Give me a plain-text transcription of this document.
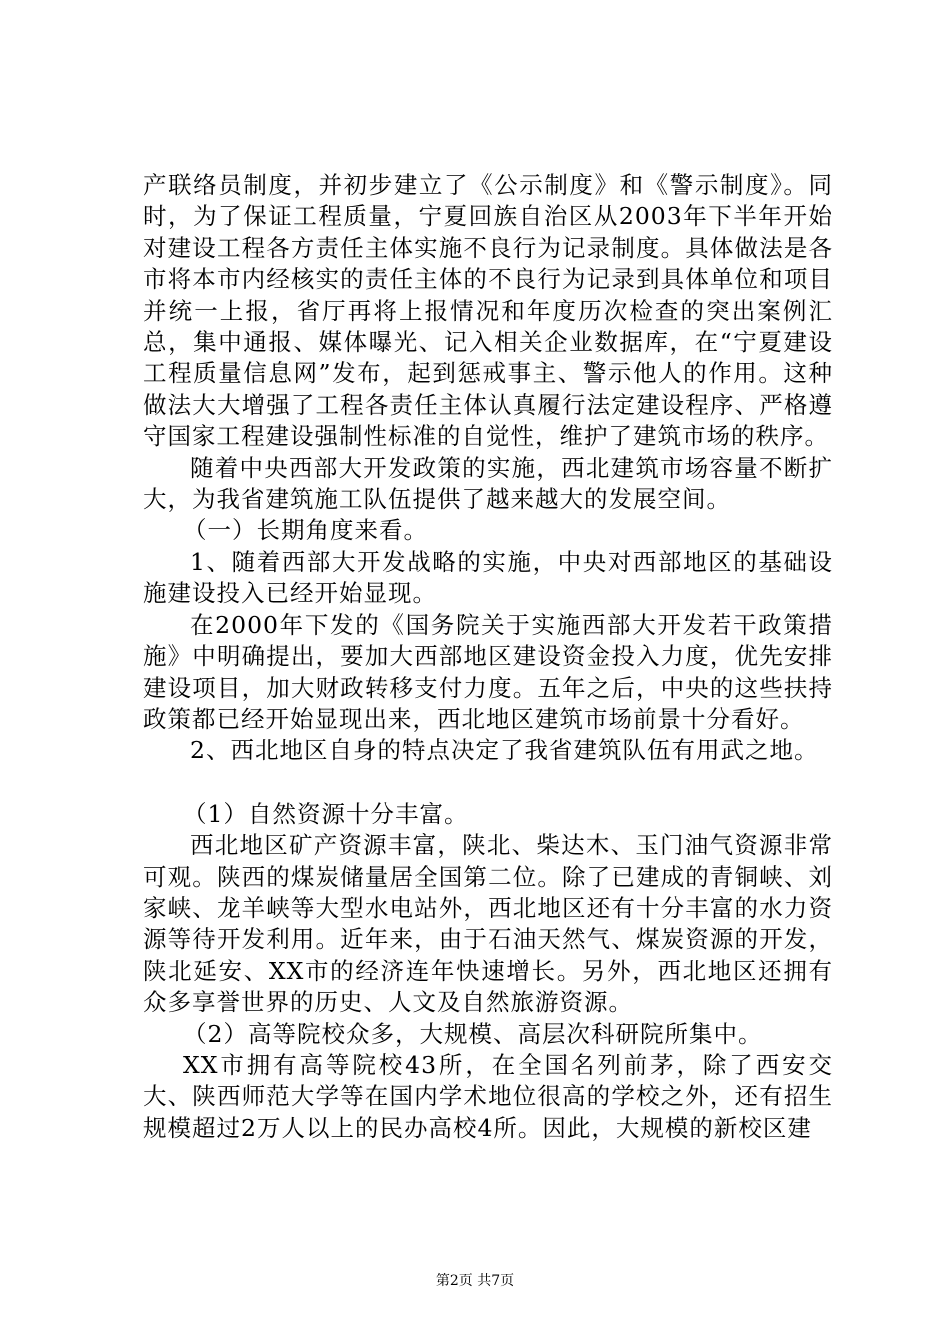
产联络员制度，并初步建立了《公示制度》和《警示制度》。同时，为了保证工程质量，宁夏回族自治区从2003年下半年开始对建设工程各方责任主体实施不良行为记录制度。具体做法是各市将本市内经核实的责任主体的不良行为记录到具体单位和项目并统一上报，省厅再将上报情况和年度历次检查的突出案例汇总，集中通报、媒体曝光、记入相关企业数据库，在“宁夏建设工程质量信息网”发布，起到惩戒事主、警示他人的作用。这种做法大大增强了工程各责任主体认真履行法定建设程序、严格遵守国家工程建设强制性标准的自觉性，维护了建筑市场的秩序。

随着中央西部大开发政策的实施，西北建筑市场容量不断扩大，为我省建筑施工队伍提供了越来越大的发展空间。

（一）长期角度来看。

1、随着西部大开发战略的实施，中央对西部地区的基础设施建设投入已经开始显现。

在2000年下发的《国务院关于实施西部大开发若干政策措施》中明确提出，要加大西部地区建设资金投入力度，优先安排建设项目，加大财政转移支付力度。五年之后，中央的这些扶持政策都已经开始显现出来，西北地区建筑市场前景十分看好。

2、西北地区自身的特点决定了我省建筑队伍有用武之地。

（1）自然资源十分丰富。

西北地区矿产资源丰富，陕北、柴达木、玉门油气资源非常可观。陕西的煤炭储量居全国第二位。除了已建成的青铜峡、刘家峡、龙羊峡等大型水电站外，西北地区还有十分丰富的水力资源等待开发利用。近年来，由于石油天然气、煤炭资源的开发，陕北延安、XX市的经济连年快速增长。另外，西北地区还拥有众多享誉世界的历史、人文及自然旅游资源。

（2）高等院校众多，大规模、高层次科研院所集中。

XX市拥有高等院校43所，在全国名列前茅，除了西安交大、陕西师范大学等在国内学术地位很高的学校之外，还有招生规模超过2万人以上的民办高校4所。因此，大规模的新校区建

第2页 共7页
